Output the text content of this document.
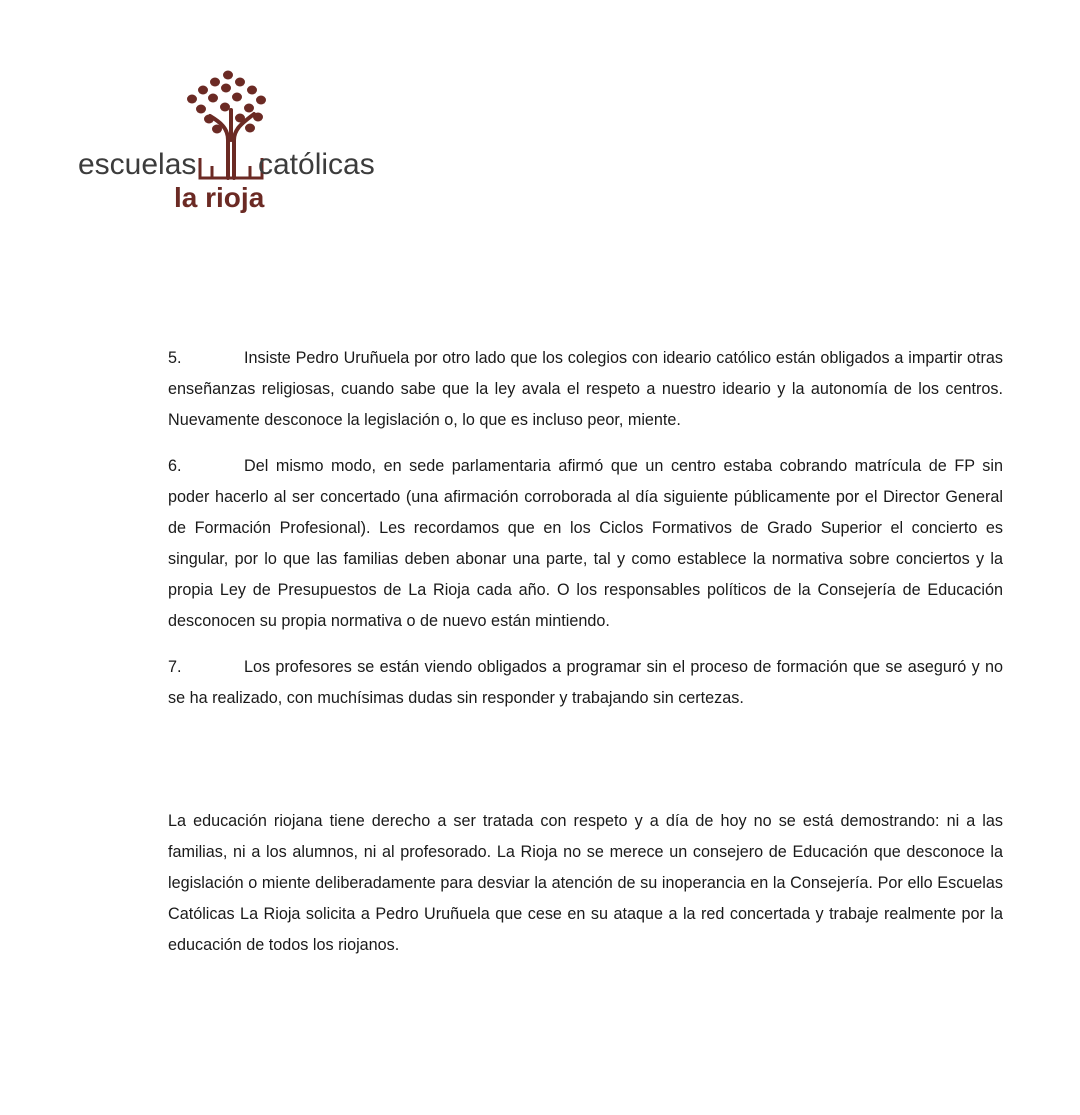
escuelas católicas
la rioja

5.	Insiste Pedro Uruñuela por otro lado que los colegios con ideario católico están obligados a impartir otras enseñanzas religiosas, cuando sabe que la ley avala el respeto a nuestro ideario y la autonomía de los centros. Nuevamente desconoce la legislación o, lo que es incluso peor, miente.

6.	Del mismo modo, en sede parlamentaria afirmó que un centro estaba cobrando matrícula de FP sin poder hacerlo al ser concertado (una afirmación corroborada al día siguiente públicamente por el Director General de Formación Profesional). Les recordamos que en los Ciclos Formativos de Grado Superior el concierto es singular, por lo que las familias deben abonar una parte, tal y como establece la normativa sobre conciertos y la propia Ley de Presupuestos de La Rioja cada año. O los responsables políticos de la Consejería de Educación desconocen su propia normativa o de nuevo están mintiendo.

7.	Los profesores se están viendo obligados a programar sin el proceso de formación que se aseguró y no se ha realizado, con muchísimas dudas sin responder y trabajando sin certezas.

La educación riojana tiene derecho a ser tratada con respeto y a día de hoy no se está demostrando: ni a las familias, ni a los alumnos, ni al profesorado. La Rioja no se merece un consejero de Educación que desconoce la legislación o miente deliberadamente para desviar la atención de su inoperancia en la Consejería. Por ello Escuelas Católicas La Rioja solicita a Pedro Uruñuela que cese en su ataque a la red concertada y trabaje realmente por la educación de todos los riojanos.
